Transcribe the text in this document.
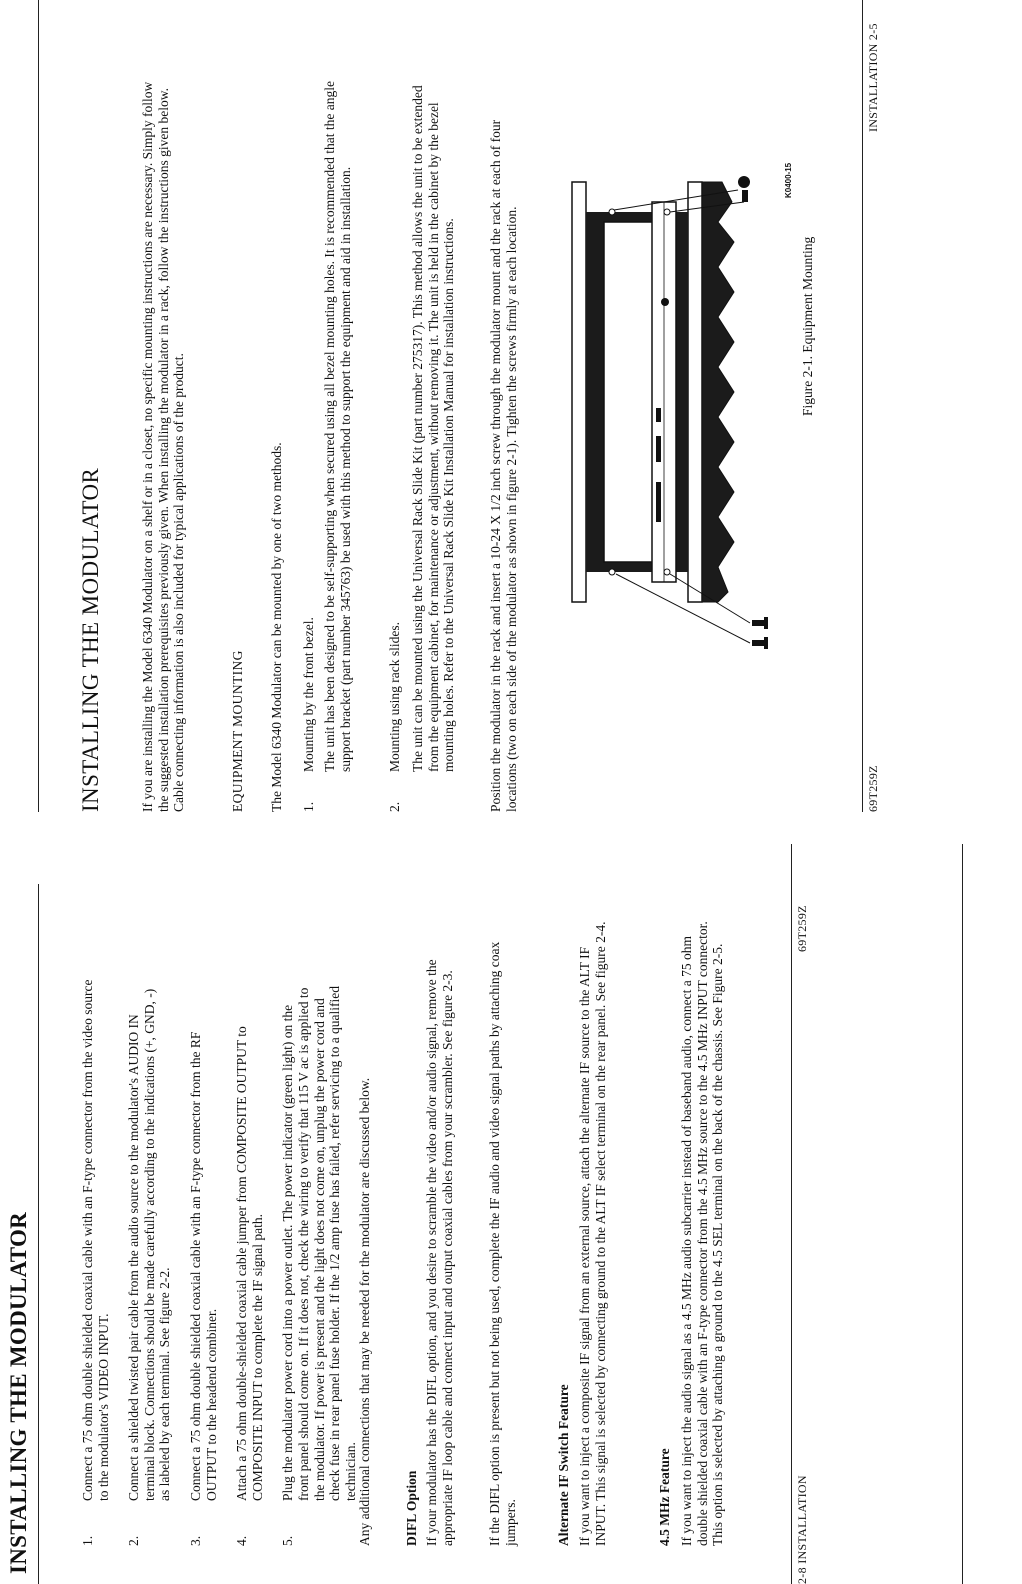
INSTALLING THE MODULATOR	1.
Connect a 75 ohm double shielded coaxial cable with an F-type connector from the video source to the modulator's VIDEO INPUT.
2.
Connect a shielded twisted pair cable from the audio source to the modulator's AUDIO IN terminal block. Connections should be made carefully according to the indications (+, GND, -) as labeled by each terminal. See figure 2-2.
3.
Connect a 75 ohm double shielded coaxial cable with an F-type connector from the RF OUTPUT to the headend combiner.
4.
Attach a 75 ohm double-shielded coaxial cable jumper from COMPOSITE OUTPUT to COMPOSITE INPUT to complete the IF signal path.
5.
Plug the modulator power cord into a power outlet. The power indicator (green light) on the front panel should come on. If it does not, check the wiring to verify that 115 V ac is applied to the modulator. If power is present and the light does not come on, unplug the power cord and check fuse in rear panel fuse holder. If the 1/2 amp fuse has failed, refer servicing to a qualified technician. Any additional connections that may be needed for the modulator are discussed below. DIFL Option If your modulator has the DIFL option, and you desire to scramble the video and/or audio signal, remove the appropriate IF loop cable and connect input and output coaxial cables from your scrambler. See figure 2-3. If the DIFL option is present but not being used, complete the IF audio and video signal paths by attaching coax jumpers.	Alternate IF Switch Feature If you want to inject a composite IF signal from an external source, attach the alternate IF source to the ALT IF INPUT. This signal is selected by connecting ground to the ALT IF select terminal on the rear panel. See figure 2-4.	4.5 MHz Feature If you want to inject the audio signal as a 4.5 MHz audio subcarrier instead of baseband audio, connect a 75 ohm double shielded coaxial cable with an F-type connector from the 4.5 MHz source to the 4.5 MHz INPUT connector. This option is selected by attaching a ground to the 4.5 SEL terminal on the back of the chassis. See Figure 2-5.	2-8 INSTALLATION
69T259Z
INSTALLING THE MODULATOR	If you are installing the Model 6340 Modulator on a shelf or in a closet, no specific mounting instructions are necessary. Simply follow the suggested installation prerequisites previously given. When installing the modulator in a rack, follow the instructions given below. Cable connecting information is also included for typical applications of the product.	EQUIPMENT MOUNTING The Model 6340 Modulator can be mounted by one of two methods. 1.
Mounting by the front bezel. The unit has been designed to be self-supporting when secured using all bezel mounting holes. It is recommended that the angle support bracket (part number 345763) be used with this method to support the equipment and aid in installation.

2.
Mounting using rack slides. The unit can be mounted using the Universal Rack Slide Kit (part number 275317). This method allows the unit to be extended from the equipment cabinet, for maintenance or adjustment, without removing it. The unit is held in the cabinet by the bezel mounting holes. Refer to the Universal Rack Slide Kit Installation Manual for installation instructions. Position the modulator in the rack and insert a 10-24 X 1/2 inch screw through the modulator mount and the rack at each of four locations (two on each side of the modulator as shown in figure 2-1). Tighten the screws firmly at each location.

K0400-15
Figure 2-1. Equipment Mounting
69T259Z
INSTALLATION 2-5
